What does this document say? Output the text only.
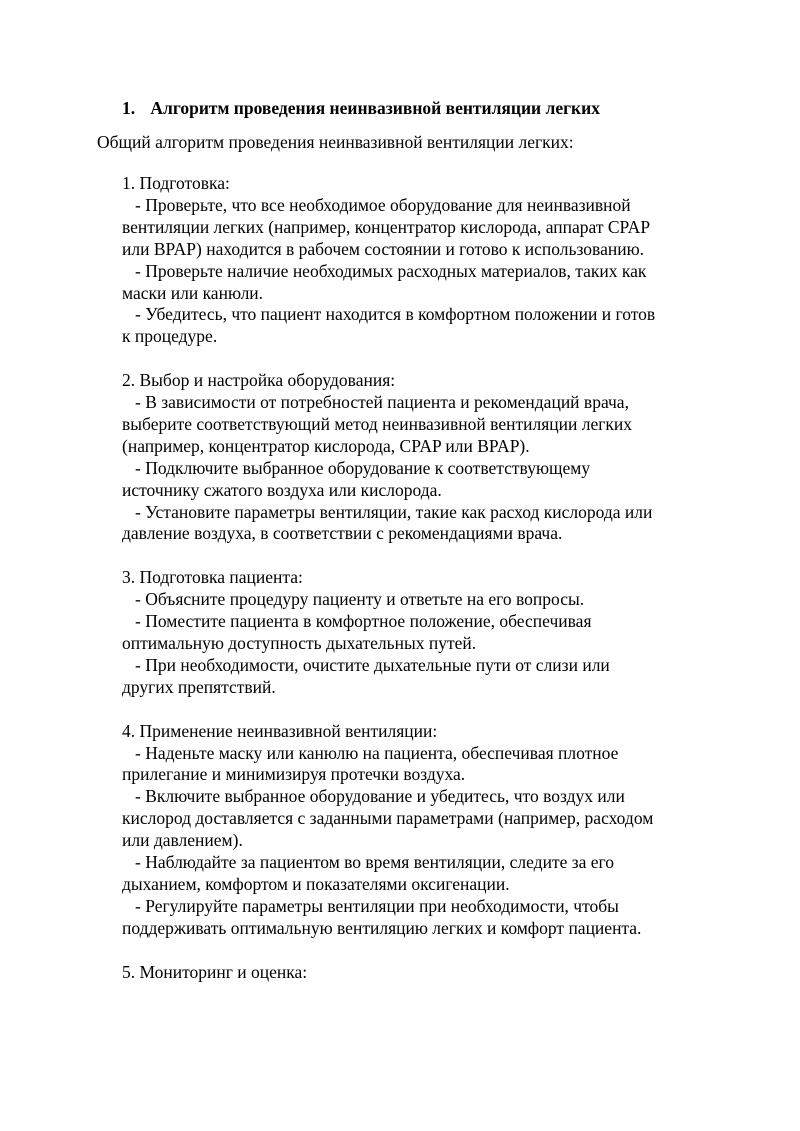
1. Алгоритм проведения неинвазивной вентиляции легких
Общий алгоритм проведения неинвазивной вентиляции легких:
1. Подготовка:
- Проверьте, что все необходимое оборудование для неинвазивной
вентиляции легких (например, концентратор кислорода, аппарат CPAP
или BPAP) находится в рабочем состоянии и готово к использованию.
- Проверьте наличие необходимых расходных материалов, таких как
маски или канюли.
- Убедитесь, что пациент находится в комфортном положении и готов
к процедуре.
2. Выбор и настройка оборудования:
- В зависимости от потребностей пациента и рекомендаций врача,
выберите соответствующий метод неинвазивной вентиляции легких
(например, концентратор кислорода, CPAP или BPAP).
- Подключите выбранное оборудование к соответствующему
источнику сжатого воздуха или кислорода.
- Установите параметры вентиляции, такие как расход кислорода или
давление воздуха, в соответствии с рекомендациями врача.
3. Подготовка пациента:
- Объясните процедуру пациенту и ответьте на его вопросы.
- Поместите пациента в комфортное положение, обеспечивая
оптимальную доступность дыхательных путей.
- При необходимости, очистите дыхательные пути от слизи или
других препятствий.
4. Применение неинвазивной вентиляции:
- Наденьте маску или канюлю на пациента, обеспечивая плотное
прилегание и минимизируя протечки воздуха.
- Включите выбранное оборудование и убедитесь, что воздух или
кислород доставляется с заданными параметрами (например, расходом
или давлением).
- Наблюдайте за пациентом во время вентиляции, следите за его
дыханием, комфортом и показателями оксигенации.
- Регулируйте параметры вентиляции при необходимости, чтобы
поддерживать оптимальную вентиляцию легких и комфорт пациента.
5. Мониторинг и оценка:
